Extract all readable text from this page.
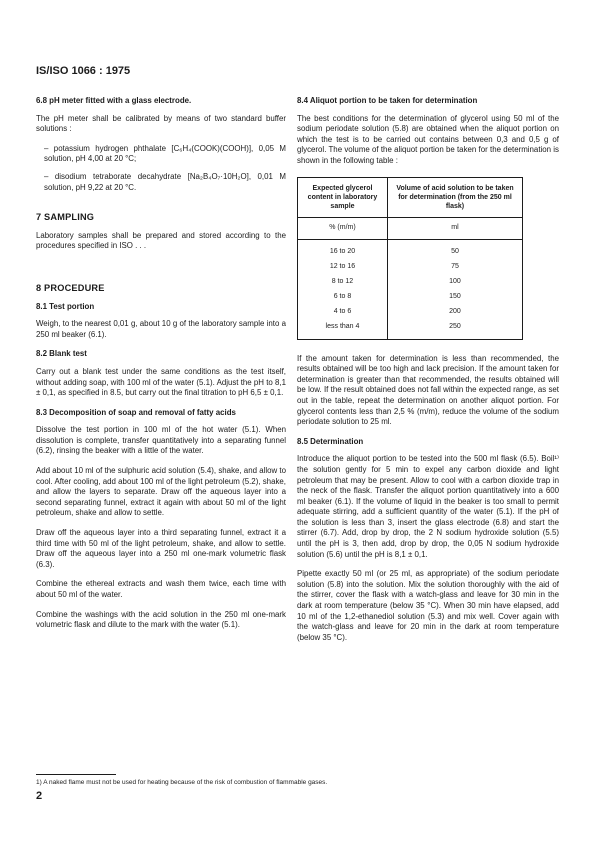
IS/ISO 1066 : 1975
6.8 pH meter fitted with a glass electrode.

The pH meter shall be calibrated by means of two standard buffer solutions :

– potassium hydrogen phthalate [C₆H₄(COOK)(COOH)], 0,05 M solution, pH 4,00 at 20 °C;

– disodium tetraborate decahydrate [Na₂B₄O₇·10H₂O], 0,01 M solution, pH 9,22 at 20 °C.

7 SAMPLING

Laboratory samples shall be prepared and stored according to the procedures specified in ISO . . .

8 PROCEDURE
8.1 Test portion

Weigh, to the nearest 0,01 g, about 10 g of the laboratory sample into a 250 ml beaker (6.1).

8.2 Blank test

Carry out a blank test under the same conditions as the test itself, without adding soap, with 100 ml of the water (5.1). Adjust the pH to 8,1 ± 0,1, as specified in 8.5, but carry out the final titration to pH 6,5 ± 0,1.

8.3 Decomposition of soap and removal of fatty acids

Dissolve the test portion in 100 ml of the hot water (5.1). When dissolution is complete, transfer quantitatively into a separating funnel (6.2), rinsing the beaker with a little of the water.

Add about 10 ml of the sulphuric acid solution (5.4), shake, and allow to cool. After cooling, add about 100 ml of the light petroleum (5.2), shake, and allow the layers to separate. Draw off the aqueous layer into a second separating funnel, extract it again with about 50 ml of the light petroleum, shake and allow to settle.

Draw off the aqueous layer into a third separating funnel, extract it a third time with 50 ml of the light petroleum, shake, and allow to settle. Draw off the aqueous layer into a 250 ml one-mark volumetric flask (6.3).

Combine the ethereal extracts and wash them twice, each time with about 50 ml of the water.

Combine the washings with the acid solution in the 250 ml one-mark volumetric flask and dilute to the mark with the water (5.1).

8.4 Aliquot portion to be taken for determination

The best conditions for the determination of glycerol using 50 ml of the sodium periodate solution (5.8) are obtained when the aliquot portion on which the test is to be carried out contains between 0,3 and 0,5 g of glycerol. The volume of the aliquot portion be taken for the determination is shown in the following table :

Expected glycerol content in laboratory sample	Volume of acid solution to be taken for determination (from the 250 ml flask)
% (m/m)	ml
16 to 20	50
12 to 16	75
8 to 12	100
6 to 8	150
4 to 6	200
less than 4	250

If the amount taken for determination is less than recommended, the results obtained will be too high and lack precision. If the amount taken for determination is greater than that recommended, the results obtained will be low. If the result obtained does not fall within the expected range, as set out in the table, repeat the determination on another aliquot portion. For glycerol contents less than 2,5 % (m/m), reduce the volume of the sodium periodate solution to 25 ml.

8.5 Determination

Introduce the aliquot portion to be tested into the 500 ml flask (6.5). Boil¹⁾ the solution gently for 5 min to expel any carbon dioxide and light petroleum that may be present. Allow to cool with a carbon dioxide trap in the neck of the flask. Transfer the aliquot portion quantitatively into a 600 ml beaker (6.1). If the volume of liquid in the beaker is too small to permit adequate stirring, add a sufficient quantity of the water (5.1). If the pH of the solution is less than 3, insert the glass electrode (6.8) and start the stirrer (6.7). Add, drop by drop, the 2 N sodium hydroxide solution (5.5) until the pH is 3, then add, drop by drop, the 0,05 N sodium hydroxide solution (5.6) until the pH is 8,1 ± 0,1.

Pipette exactly 50 ml (or 25 ml, as appropriate) of the sodium periodate solution (5.8) into the solution. Mix the solution thoroughly with the aid of the stirrer, cover the flask with a watch-glass and leave for 30 min in the dark at room temperature (below 35 °C). When 30 min have elapsed, add 10 ml of the 1,2-ethanediol solution (5.3) and mix well. Cover again with the watch-glass and leave for 20 min in the dark at room temperature (below 35 °C).

1) A naked flame must not be used for heating because of the risk of combustion of flammable gases.
2
